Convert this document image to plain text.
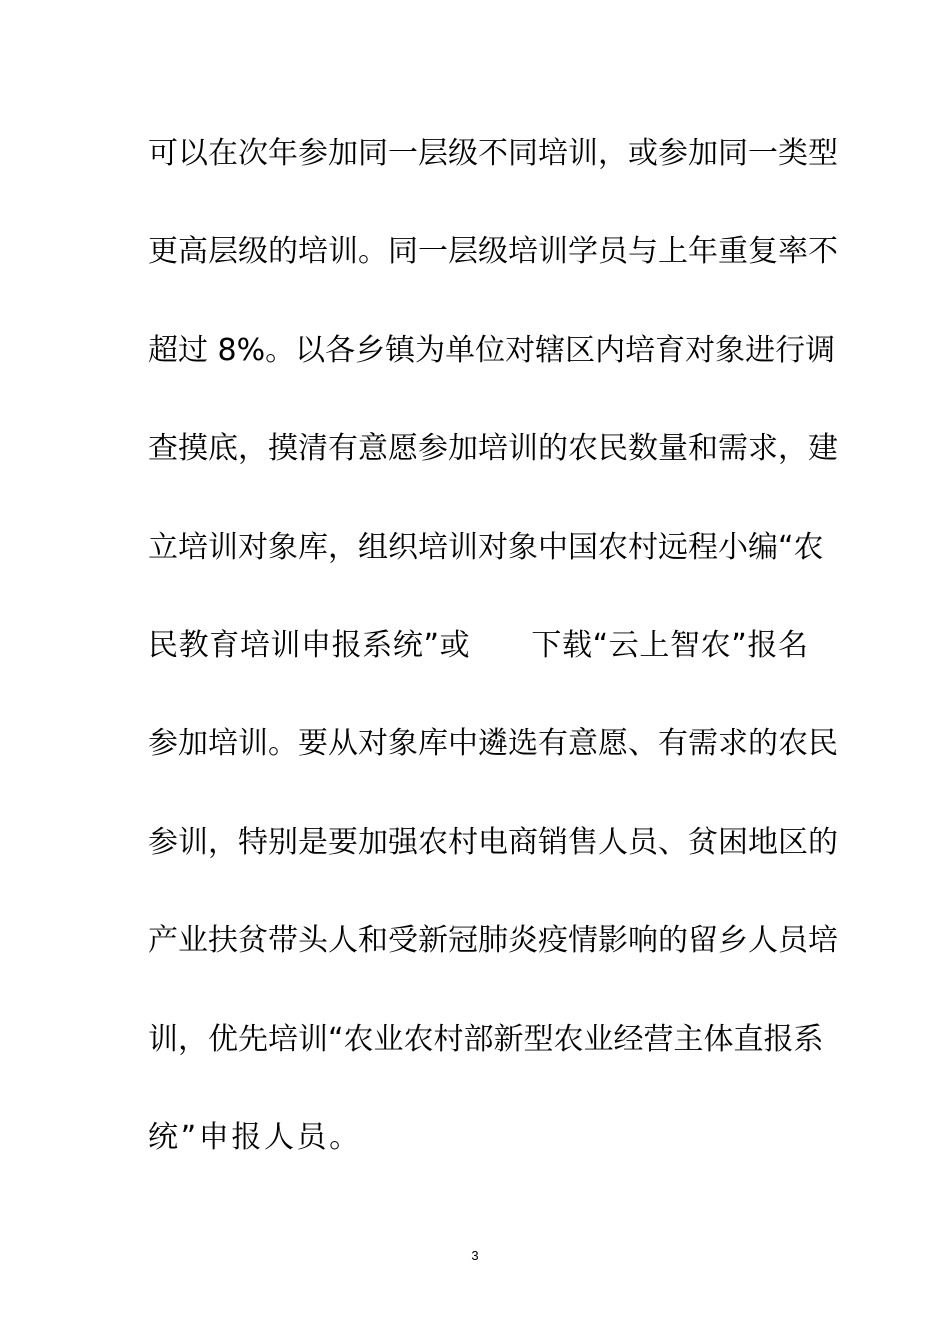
可以在次年参加同一层级不同培训，或参加同一类型
更高层级的培训。同一层级培训学员与上年重复率不
超过 8%。以各乡镇为单位对辖区内培育对象进行调
查摸底，摸清有意愿参加培训的农民数量和需求，建
立培训对象库，组织培训对象中国农村远程小编“农
民教育培训申报系统”或　　下载“云上智农”报名
参加培训。要从对象库中遴选有意愿、有需求的农民
参训，特别是要加强农村电商销售人员、贫困地区的
产业扶贫带头人和受新冠肺炎疫情影响的留乡人员培
训，优先培训“农业农村部新型农业经营主体直报系
统”申报人员。
3
